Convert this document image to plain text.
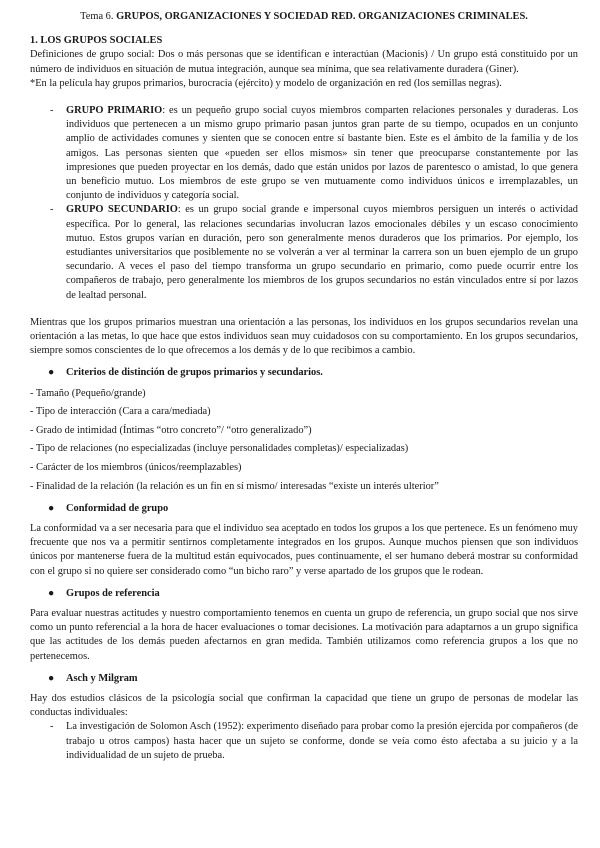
Tema 6. GRUPOS, ORGANIZACIONES Y SOCIEDAD RED. ORGANIZACIONES CRIMINALES.
1. LOS GRUPOS SOCIALES

Definiciones de grupo social: Dos o más personas que se identifican e interactúan (Macionis) / Un grupo está constituido por un número de individuos en situación de mutua integración, aunque sea mínima, que sea relativamente duradera (Giner).

*En la película hay grupos primarios, burocracia (ejército) y modelo de organización en red (los semillas negras).

- GRUPO PRIMARIO: es un pequeño grupo social cuyos miembros comparten relaciones personales y duraderas. Los individuos que pertenecen a un mismo grupo primario pasan juntos gran parte de su tiempo, ocupados en un conjunto amplio de actividades comunes y sienten que se conocen entre sí bastante bien. Este es el ámbito de la familia y de los amigos. Las personas sienten que «pueden ser ellos mismos» sin tener que preocuparse constantemente por las impresiones que pueden proyectar en los demás, dado que están unidos por lazos de parentesco o amistad, lo que genera un beneficio mutuo. Los miembros de este grupo se ven mutuamente como individuos únicos e irremplazables, un conjunto de individuos y categoría social.
- GRUPO SECUNDARIO: es un grupo social grande e impersonal cuyos miembros persiguen un interés o actividad específica. Por lo general, las relaciones secundarias involucran lazos emocionales débiles y un escaso conocimiento mutuo. Estos grupos varían en duración, pero son generalmente menos duraderos que los primarios. Por ejemplo, los estudiantes universitarios que posiblemente no se volverán a ver al terminar la carrera son un buen ejemplo de un grupo secundario. A veces el paso del tiempo transforma un grupo secundario en primario, como puede ocurrir entre los compañeros de trabajo, pero generalmente los miembros de los grupos secundarios no están vinculados entre sí por lazos de lealtad personal.

Mientras que los grupos primarios muestran una orientación a las personas, los individuos en los grupos secundarios revelan una orientación a las metas, lo que hace que estos individuos sean muy cuidadosos con su comportamiento. En los grupos secundarios, siempre somos conscientes de lo que ofrecemos a los demás y de lo que recibimos a cambio.

● Criterios de distinción de grupos primarios y secundarios.
- Tamaño (Pequeño/grande)
- Tipo de interacción (Cara a cara/mediada)
- Grado de intimidad (Íntimas “otro concreto”/ “otro generalizado”)
- Tipo de relaciones (no especializadas (incluye personalidades completas)/ especializadas)
- Carácter de los miembros (únicos/reemplazables)
- Finalidad de la relación (la relación es un fin en sí mismo/ interesadas “existe un interés ulterior”
● Conformidad de grupo

La conformidad va a ser necesaria para que el individuo sea aceptado en todos los grupos a los que pertenece. Es un fenómeno muy frecuente que nos va a permitir sentirnos completamente integrados en los grupos. Aunque muchos piensen que son individuos únicos por mantenerse fuera de la multitud están equivocados, pues continuamente, el ser humano deberá mostrar su conformidad con el grupo si no quiere ser considerado como “un bicho raro” y verse apartado de los grupos que le rodean.

● Grupos de referencia

Para evaluar nuestras actitudes y nuestro comportamiento tenemos en cuenta un grupo de referencia, un grupo social que nos sirve como un punto referencial a la hora de hacer evaluaciones o tomar decisiones. La motivación para adaptarnos a un grupo significa que las actitudes de los demás pueden afectarnos en gran medida. También utilizamos como referencia grupos a los que no pertenecemos.

● Asch y Milgram

Hay dos estudios clásicos de la psicología social que confirman la capacidad que tiene un grupo de personas de modelar las conductas individuales:

- La investigación de Solomon Asch (1952): experimento diseñado para probar como la presión ejercida por compañeros (de trabajo u otros campos) hasta hacer que un sujeto se conforme, donde se veía como ésto afectaba a su juicio y a la individualidad de un sujeto de prueba.
